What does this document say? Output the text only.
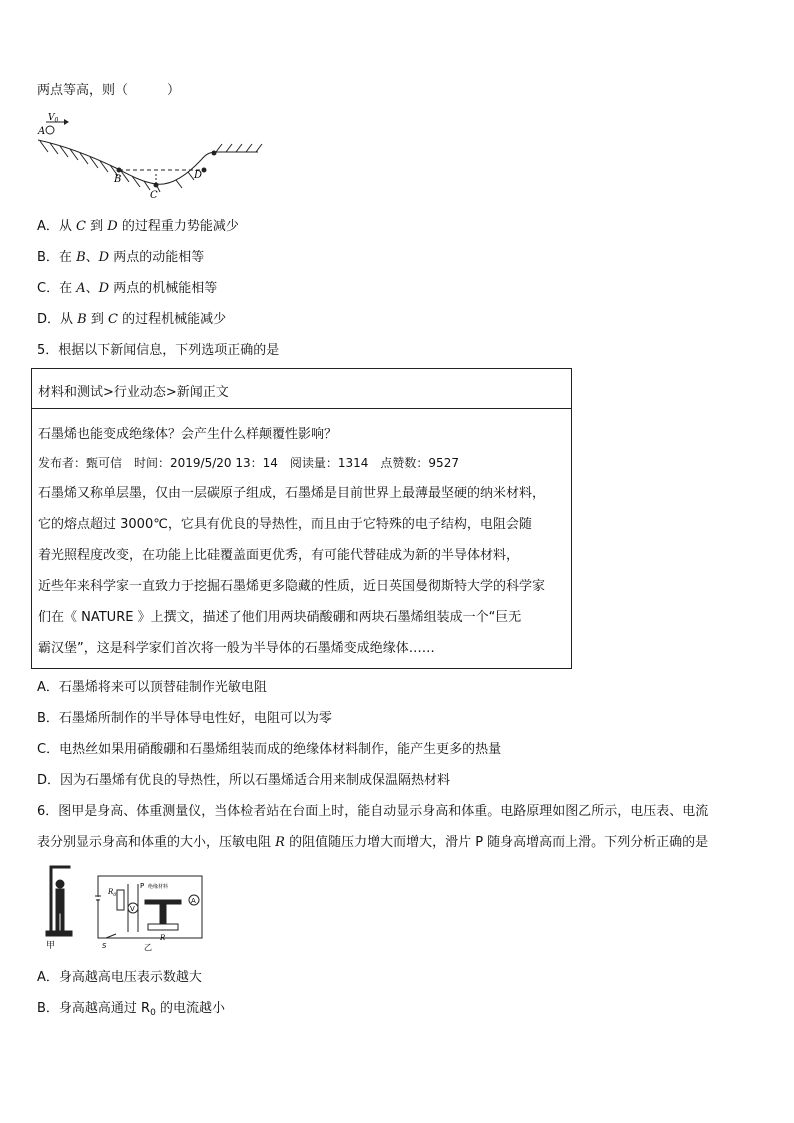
两点等高，则（　　　）
$V_0$
A
B
C
D
A．从 C 到 D 的过程重力势能减少
B．在 B、D 两点的动能相等
C．在 A、D 两点的机械能相等
D．从 B 到 C 的过程机械能减少
5．根据以下新闻信息，下列选项正确的是
材料和测试>行业动态>新闻正文
石墨烯也能变成绝缘体？会产生什么样颠覆性影响？
发布者：甄可信　时间：2019/5/20 13：14　阅读量：1314　点赞数：9527
石墨烯又称单层墨，仅由一层碳原子组成，石墨烯是目前世界上最薄最坚硬的纳米材料，
它的熔点超过 3000℃，它具有优良的导热性，而且由于它特殊的电子结构，电阻会随
着光照程度改变，在功能上比硅覆盖面更优秀，有可能代替硅成为新的半导体材料，
近些年来科学家一直致力于挖掘石墨烯更多隐藏的性质，近日英国曼彻斯特大学的科学家
们在《 NATURE 》上撰文，描述了他们用两块硝酸硼和两块石墨烯组装成一个“巨无
霸汉堡”，这是科学家们首次将一般为半导体的石墨烯变成绝缘体……
A．石墨烯将来可以顶替硅制作光敏电阻
B．石墨烯所制作的半导体导电性好，电阻可以为零
C．电热丝如果用硝酸硼和石墨烯组装而成的绝缘体材料制作，能产生更多的热量
D．因为石墨烯有优良的导热性，所以石墨烯适合用来制成保温隔热材料
6．图甲是身高、体重测量仪，当体检者站在台面上时，能自动显示身高和体重。电路原理如图乙所示，电压表、电流
表分别显示身高和体重的大小，压敏电阻 R 的阻值随压力增大而增大，滑片 P 随身高增高而上滑。下列分析正确的是
甲
V
A
$R_0$
P 绝缘材料
S
R
乙
A．身高越高电压表示数越大
B．身高越高通过 $R_0$ 的电流越小
